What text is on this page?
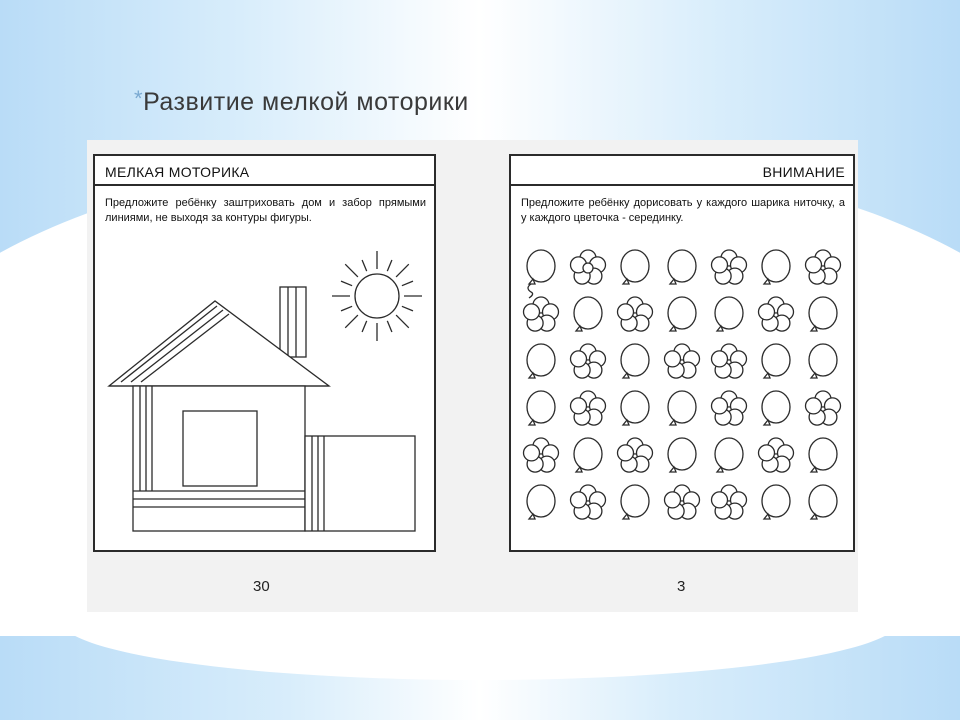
*Развитие мелкой моторики
МЕЛКАЯ МОТОРИКА
Предложите ребёнку заштриховать дом и забор прямыми линиями, не выходя за контуры фигуры.
30
ВНИМАНИЕ
Предложите ребёнку дорисовать у каждого шарика ниточку, а у каждого цветочка - серединку.
3
